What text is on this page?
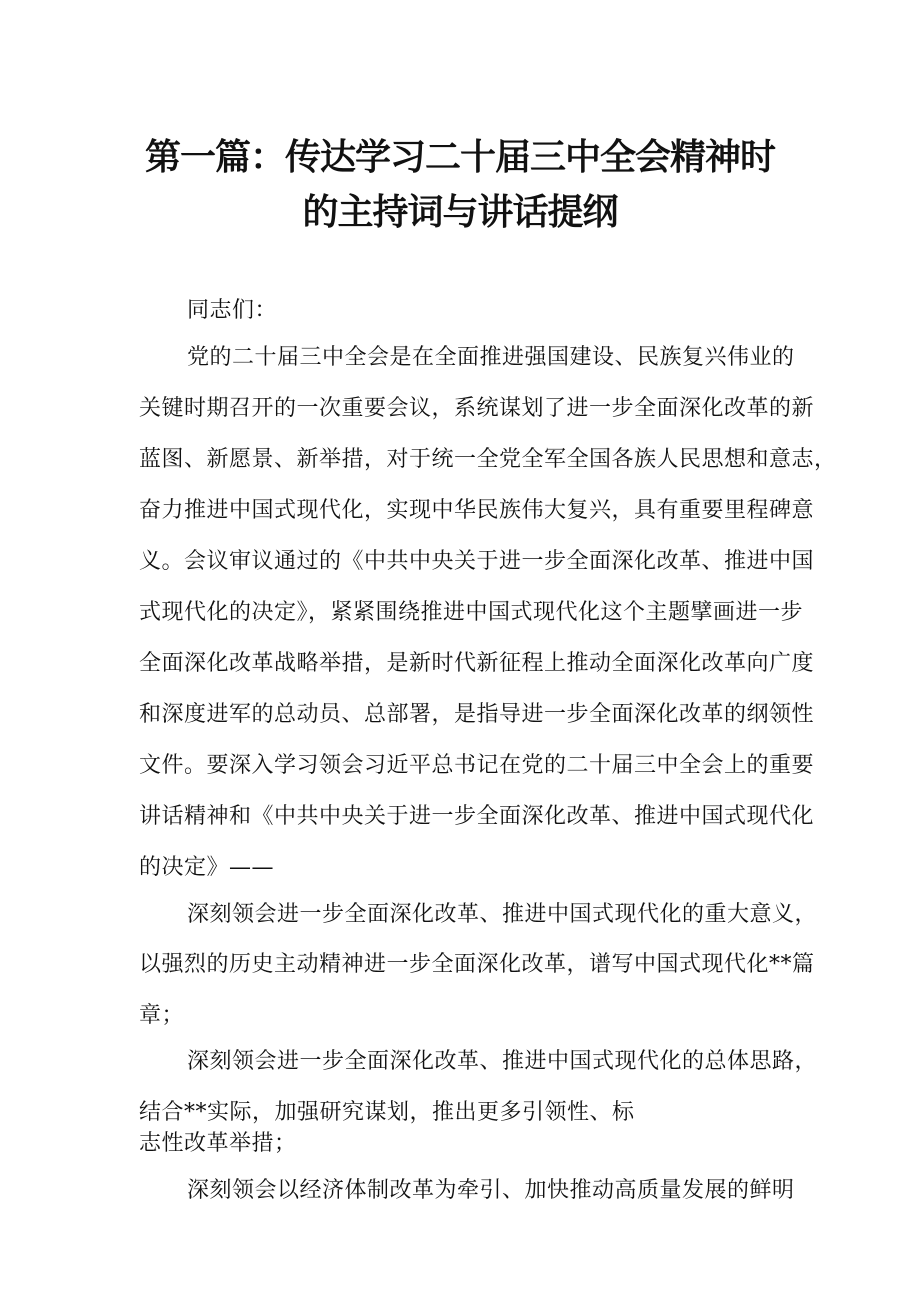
第一篇：传达学习二十届三中全会精神时
的主持词与讲话提纲
同志们：
党的二十届三中全会是在全面推进强国建设、民族复兴伟业的
关键时期召开的一次重要会议，系统谋划了进一步全面深化改革的新
蓝图、新愿景、新举措，对于统一全党全军全国各族人民思想和意志，
奋力推进中国式现代化，实现中华民族伟大复兴，具有重要里程碑意
义。会议审议通过的《中共中央关于进一步全面深化改革、推进中国
式现代化的决定》，紧紧围绕推进中国式现代化这个主题擘画进一步
全面深化改革战略举措，是新时代新征程上推动全面深化改革向广度
和深度进军的总动员、总部署，是指导进一步全面深化改革的纲领性
文件。要深入学习领会习近平总书记在党的二十届三中全会上的重要
讲话精神和《中共中央关于进一步全面深化改革、推进中国式现代化
的决定》——
深刻领会进一步全面深化改革、推进中国式现代化的重大意义，
以强烈的历史主动精神进一步全面深化改革，谱写中国式现代化**篇
章；
深刻领会进一步全面深化改革、推进中国式现代化的总体思路，
结合**实际，加强研究谋划，推出更多引领性、标
志性改革举措；
深刻领会以经济体制改革为牵引、加快推动高质量发展的鲜明
